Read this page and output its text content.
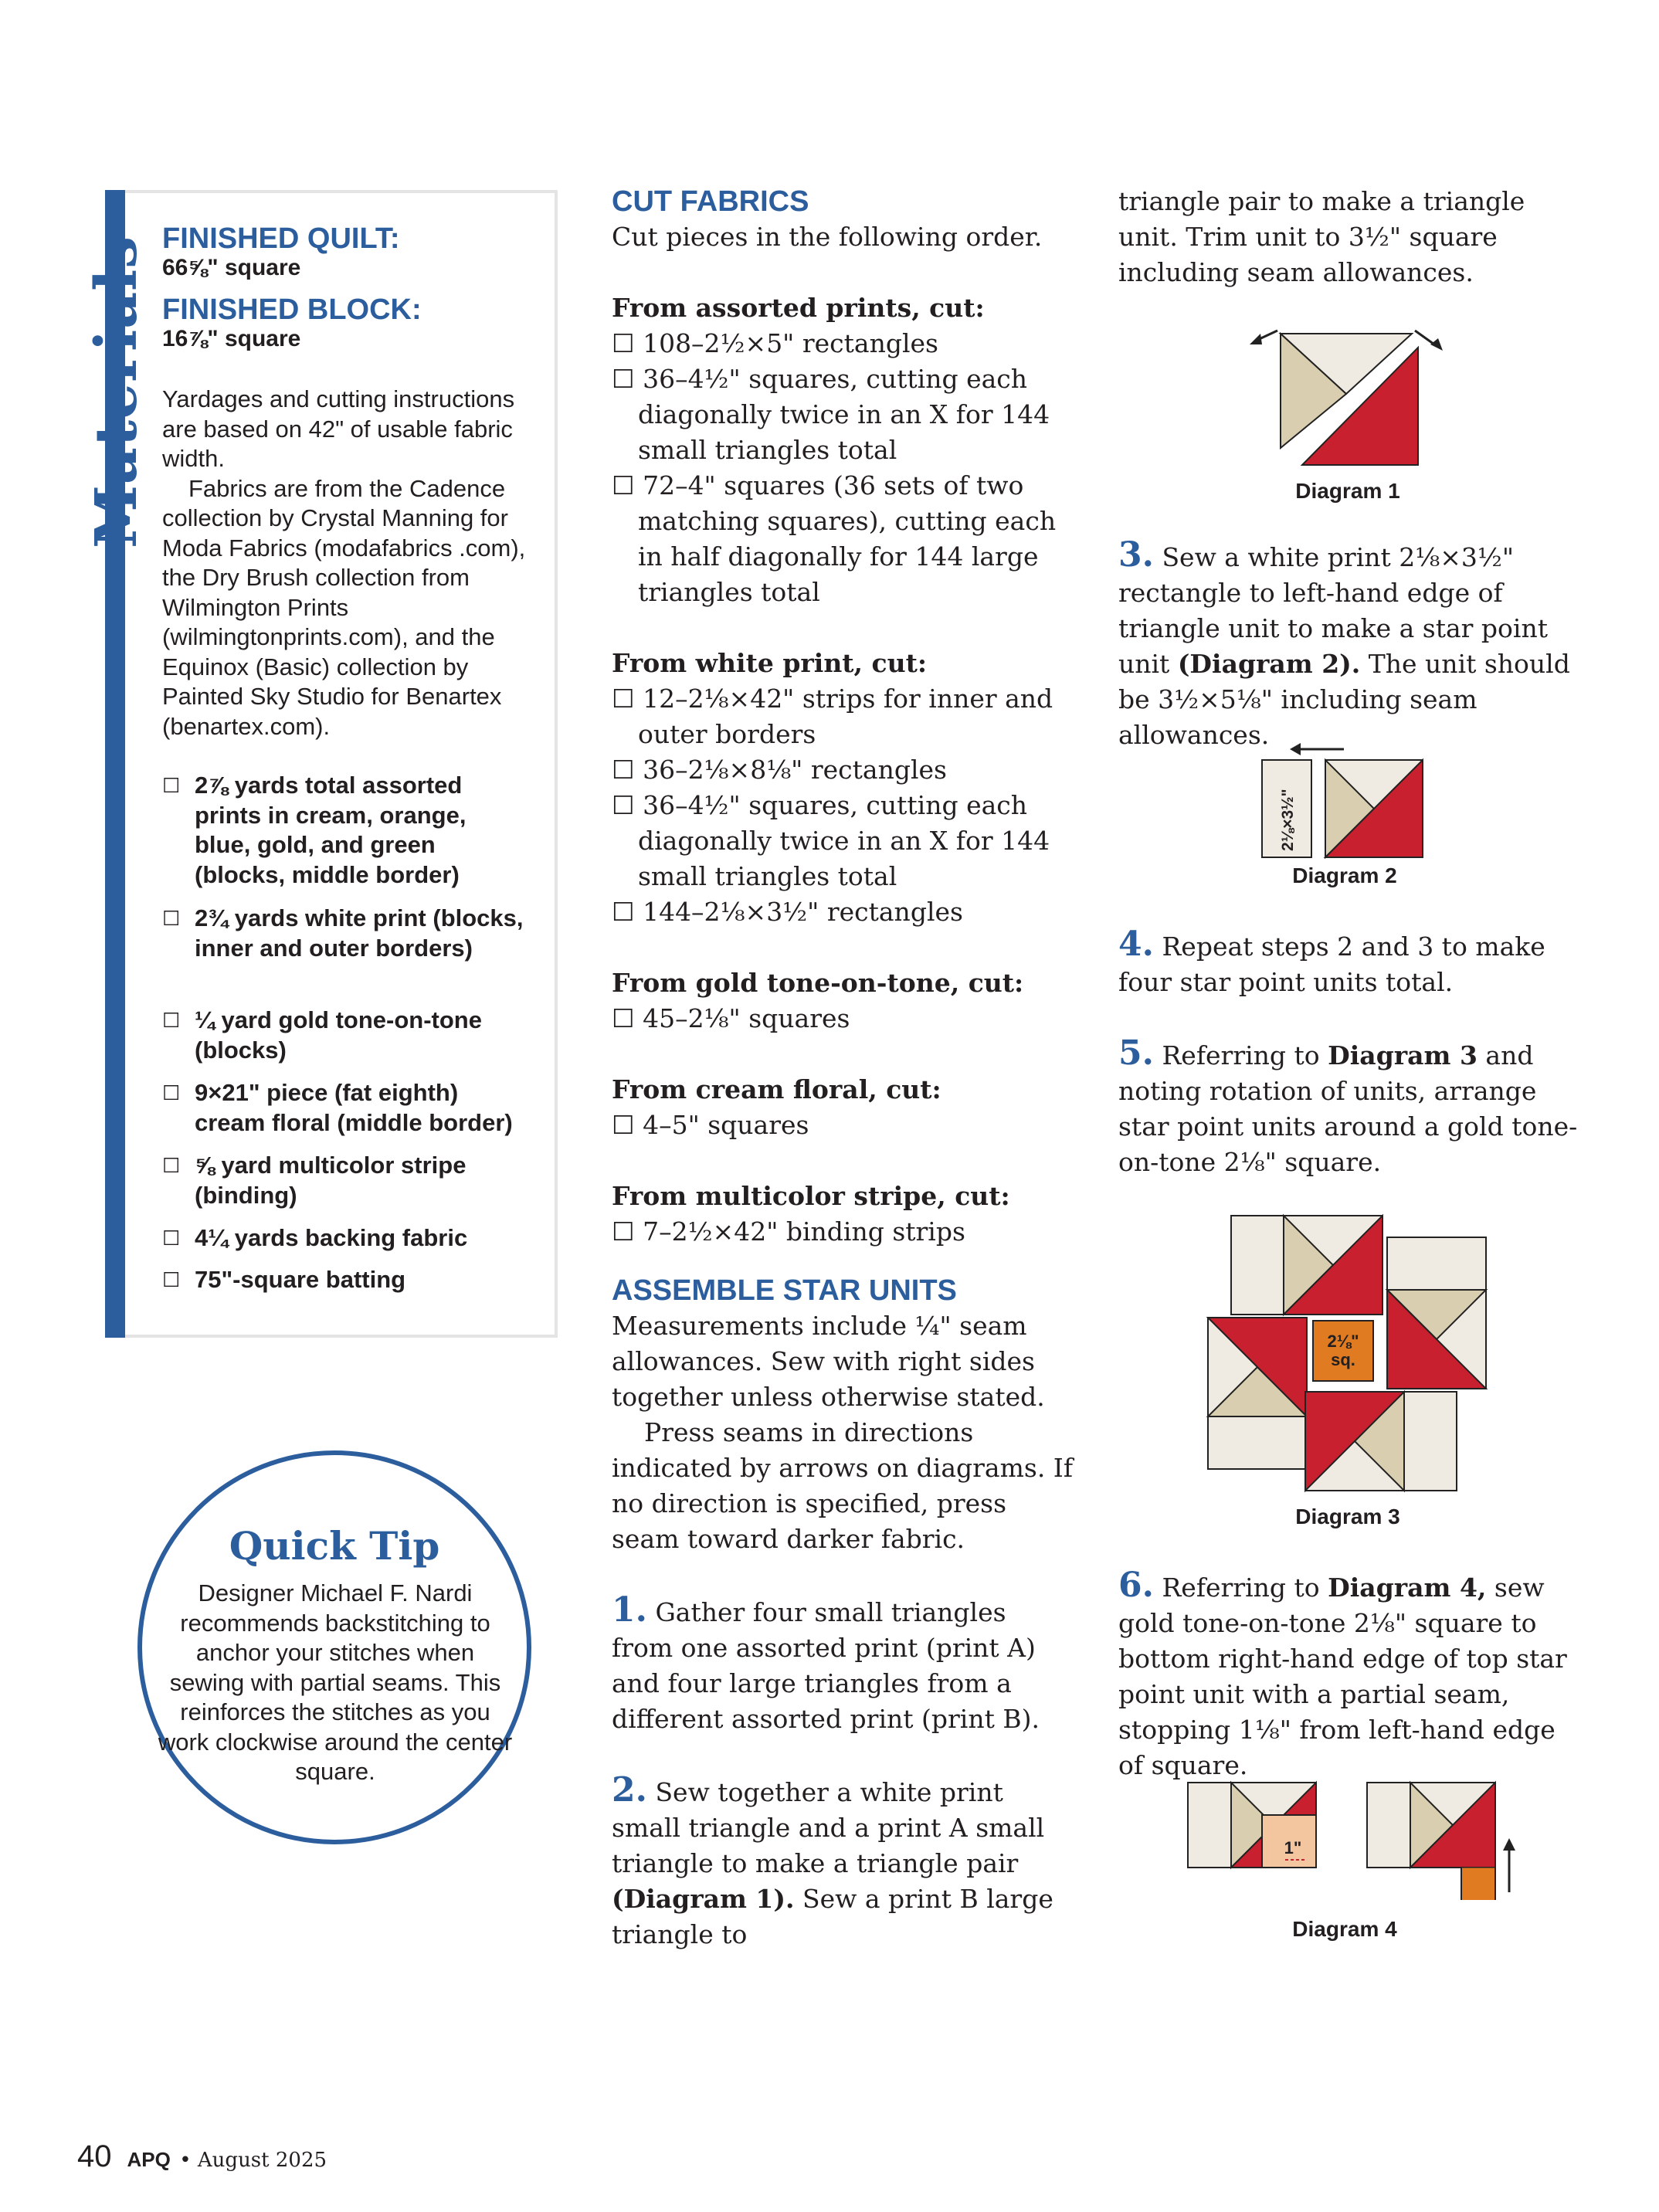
Materials FINISHED QUILT:
66⅝" square
FINISHED BLOCK:
16⅞" square

Yardages and cutting instructions are based on 42" of usable fabric width.

Fabrics are from the Cadence collection by Crystal Manning for Moda Fabrics (modafabrics .com), the Dry Brush collection from Wilmington Prints (wilmingtonprints.com), and the Equinox (Basic) collection by Painted Sky Studio for Benartex (benartex.com).

☐ 2⅞ yards total assorted prints in cream, orange, blue, gold, and green (blocks, middle border)
☐ 2¾ yards white print (blocks, inner and outer borders)
☐ ¼ yard gold tone-on-tone (blocks)
☐ 9×21" piece (fat eighth) cream floral (middle border)
☐ ⅝ yard multicolor stripe (binding)
☐ 4¼ yards backing fabric
☐ 75"-square batting
Quick Tip
Designer Michael F. Nardi recommends backstitching to anchor your stitches when sewing with partial seams. This reinforces the stitches as you work clockwise around the center square.

CUT FABRICS

Cut pieces in the following order.

From assorted prints, cut:

☐ 108–2½×5" rectangles

☐ 36–4½" squares, cutting each diagonally twice in an X for 144 small triangles total

☐ 72–4" squares (36 sets of two matching squares), cutting each in half diagonally for 144 large triangles total

From white print, cut:

☐ 12–2⅛×42" strips for inner and outer borders

☐ 36–2⅛×8⅛" rectangles

☐ 36–4½" squares, cutting each diagonally twice in an X for 144 small triangles total

☐ 144–2⅛×3½" rectangles

From gold tone-on-tone, cut:

☐ 45–2⅛" squares

From cream floral, cut:

☐ 4–5" squares

From multicolor stripe, cut:

☐ 7–2½×42" binding strips

ASSEMBLE STAR UNITS

Measurements include ¼" seam allowances. Sew with right sides together unless otherwise stated.

Press seams in directions indicated by arrows on diagrams. If no direction is specified, press seam toward darker fabric.

1. Gather four small triangles from one assorted print (print A) and four large triangles from a different assorted print (print B).

2. Sew together a white print small triangle and a print A small triangle to make a triangle pair (Diagram 1). Sew a print B large triangle to

triangle pair to make a triangle unit. Trim unit to 3½" square including seam allowances.

Diagram 1

3. Sew a white print 2⅛×3½" rectangle to left-hand edge of triangle unit to make a star point unit (Diagram 2). The unit should be 3½×5⅛" including seam allowances.

2⅛×3½"
Diagram 2

4. Repeat steps 2 and 3 to make four star point units total.

5. Referring to Diagram 3 and noting rotation of units, arrange star point units around a gold tone-on-tone 2⅛" square.

2⅛"
sq.
Diagram 3

6. Referring to Diagram 4, sew gold tone-on-tone 2⅛" square to bottom right-hand edge of top star point unit with a partial seam, stopping 1⅛" from left-hand edge of square.

1"
Diagram 4
40 APQ • August 2025
